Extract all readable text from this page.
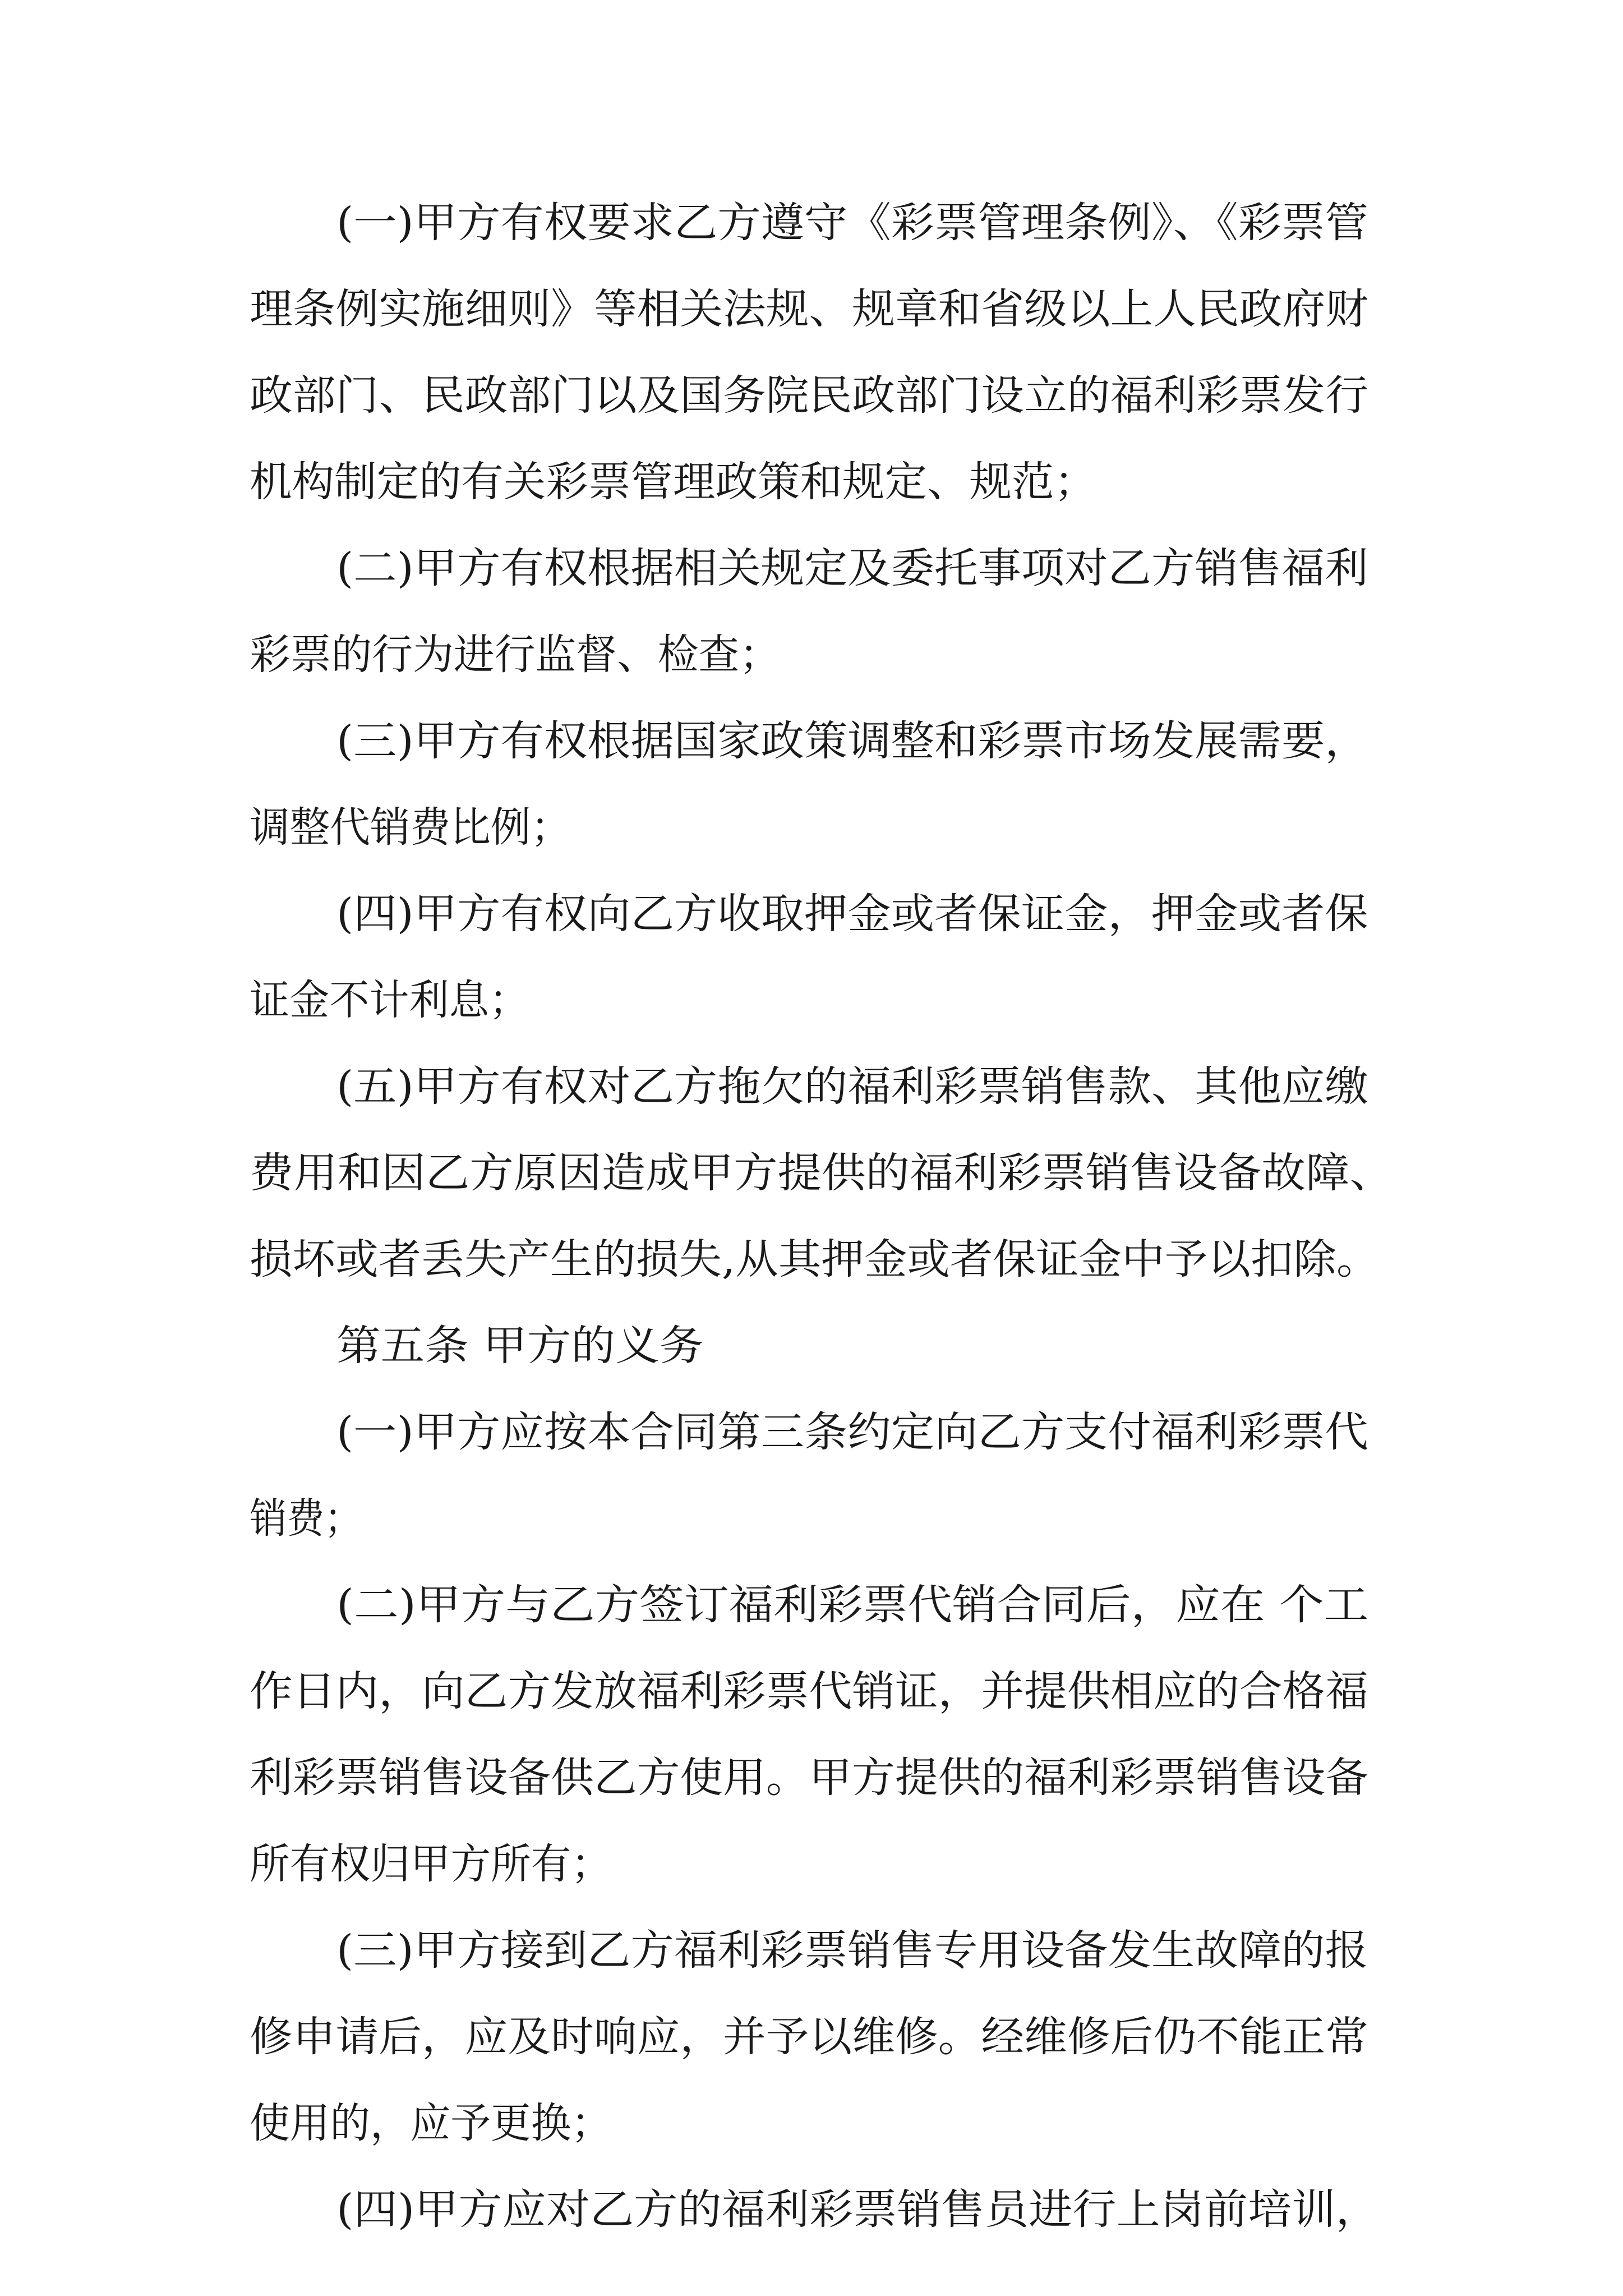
(一)甲方有权要求乙方遵守《彩票管理条例》、《彩票管
理条例实施细则》等相关法规、规章和省级以上人民政府财
政部门、民政部门以及国务院民政部门设立的福利彩票发行
机构制定的有关彩票管理政策和规定、规范；
(二)甲方有权根据相关规定及委托事项对乙方销售福利
彩票的行为进行监督、检查；
(三)甲方有权根据国家政策调整和彩票市场发展需要，
调整代销费比例；
(四)甲方有权向乙方收取押金或者保证金，押金或者保
证金不计利息；
(五)甲方有权对乙方拖欠的福利彩票销售款、其他应缴
费用和因乙方原因造成甲方提供的福利彩票销售设备故障、
损坏或者丢失产生的损失,从其押金或者保证金中予以扣除。
第五条 甲方的义务
(一)甲方应按本合同第三条约定向乙方支付福利彩票代
销费；
(二)甲方与乙方签订福利彩票代销合同后，应在 个工
作日内，向乙方发放福利彩票代销证，并提供相应的合格福
利彩票销售设备供乙方使用。甲方提供的福利彩票销售设备
所有权归甲方所有；
(三)甲方接到乙方福利彩票销售专用设备发生故障的报
修申请后，应及时响应，并予以维修。经维修后仍不能正常
使用的，应予更换；
(四)甲方应对乙方的福利彩票销售员进行上岗前培训，
